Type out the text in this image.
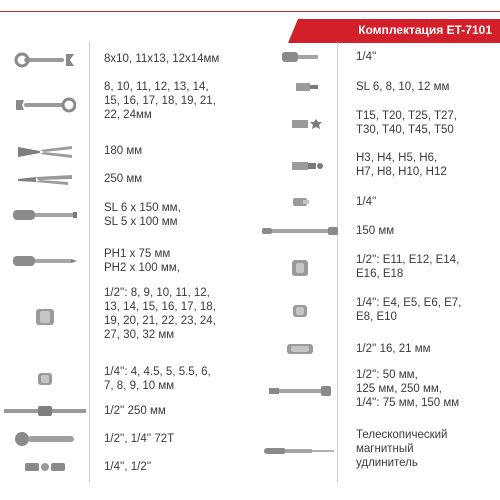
Комплектация ET-7101
8x10, 11x13, 12x14мм
8, 10, 11, 12, 13, 14,
15, 16, 17, 18, 19, 21,
22, 24мм
180 мм
250 мм
SL 6 x 150 мм,
SL 5 x 100 мм
PH1 x 75 мм
PH2 x 100 мм,
1/2'': 8, 9, 10, 11, 12,
13, 14, 15, 16, 17, 18,
19, 20, 21, 22, 23, 24,
27, 30, 32 мм
1/4'': 4, 4.5, 5, 5.5, 6,
7, 8, 9, 10 мм
1/2'' 250 мм
1/2'', 1/4'' 72T
1/4'', 1/2''
1/4''
SL 6, 8, 10, 12 мм
T15, T20, T25, T27,
T30, T40, T45, T50
H3, H4, H5, H6,
H7, H8, H10, H12
1/4''
150 мм
1/2'': E11, E12, E14,
E16, E18
1/4'': E4, E5, E6, E7,
E8, E10
1/2'' 16, 21 мм
1/2'': 50 мм,
125 мм, 250 мм,
1/4'': 75 мм, 150 мм
Телескопический
магнитный
удлинитель
